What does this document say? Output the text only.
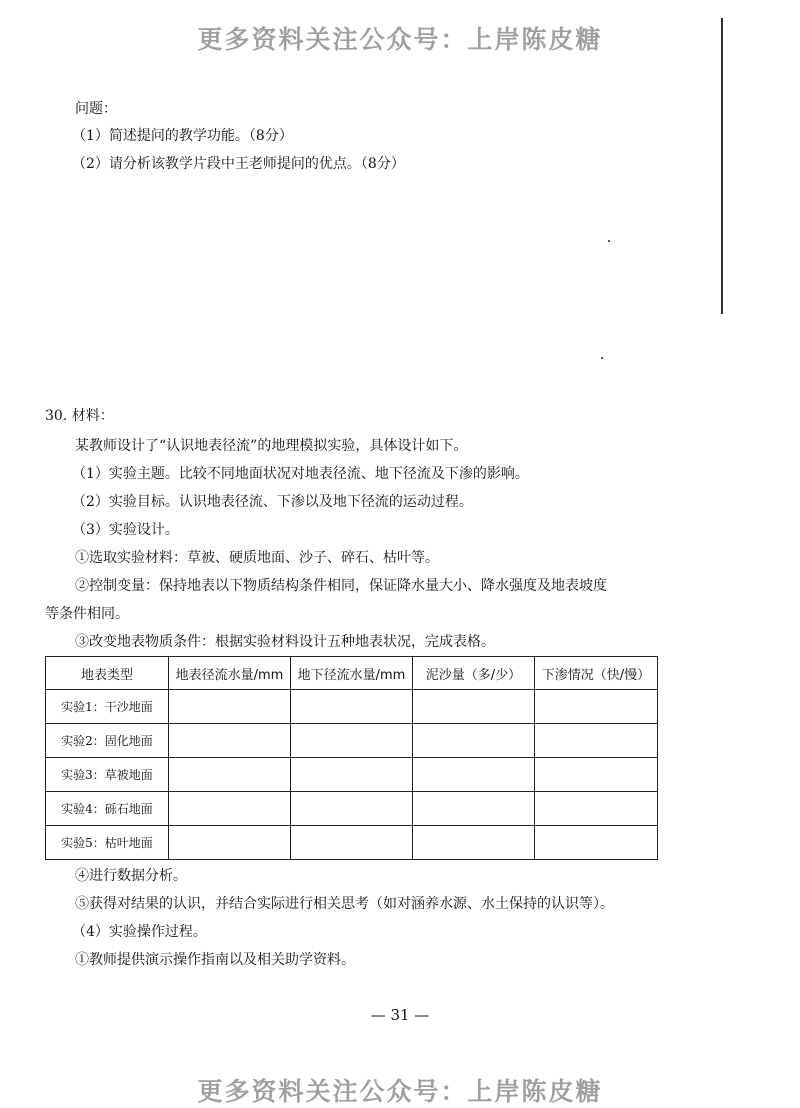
更多资料关注公众号：上岸陈皮糖
问题：
（1）简述提问的教学功能。（8分）
（2）请分析该教学片段中王老师提问的优点。（8分）
30. 材料：
某教师设计了“认识地表径流”的地理模拟实验，具体设计如下。
（1）实验主题。比较不同地面状况对地表径流、地下径流及下渗的影响。
（2）实验目标。认识地表径流、下渗以及地下径流的运动过程。
（3）实验设计。
①选取实验材料：草被、硬质地面、沙子、碎石、枯叶等。
②控制变量：保持地表以下物质结构条件相同，保证降水量大小、降水强度及地表坡度
等条件相同。
③改变地表物质条件：根据实验材料设计五种地表状况，完成表格。
地表类型	地表径流水量/mm	地下径流水量/mm	泥沙量（多/少）	下渗情况（快/慢）
实验1：干沙地面				
实验2：固化地面				
实验3：草被地面				
实验4：砾石地面				
实验5：枯叶地面				
④进行数据分析。
⑤获得对结果的认识，并结合实际进行相关思考（如对涵养水源、水土保持的认识等）。
（4）实验操作过程。
①教师提供演示操作指南以及相关助学资料。
— 31 —
更多资料关注公众号：上岸陈皮糖
